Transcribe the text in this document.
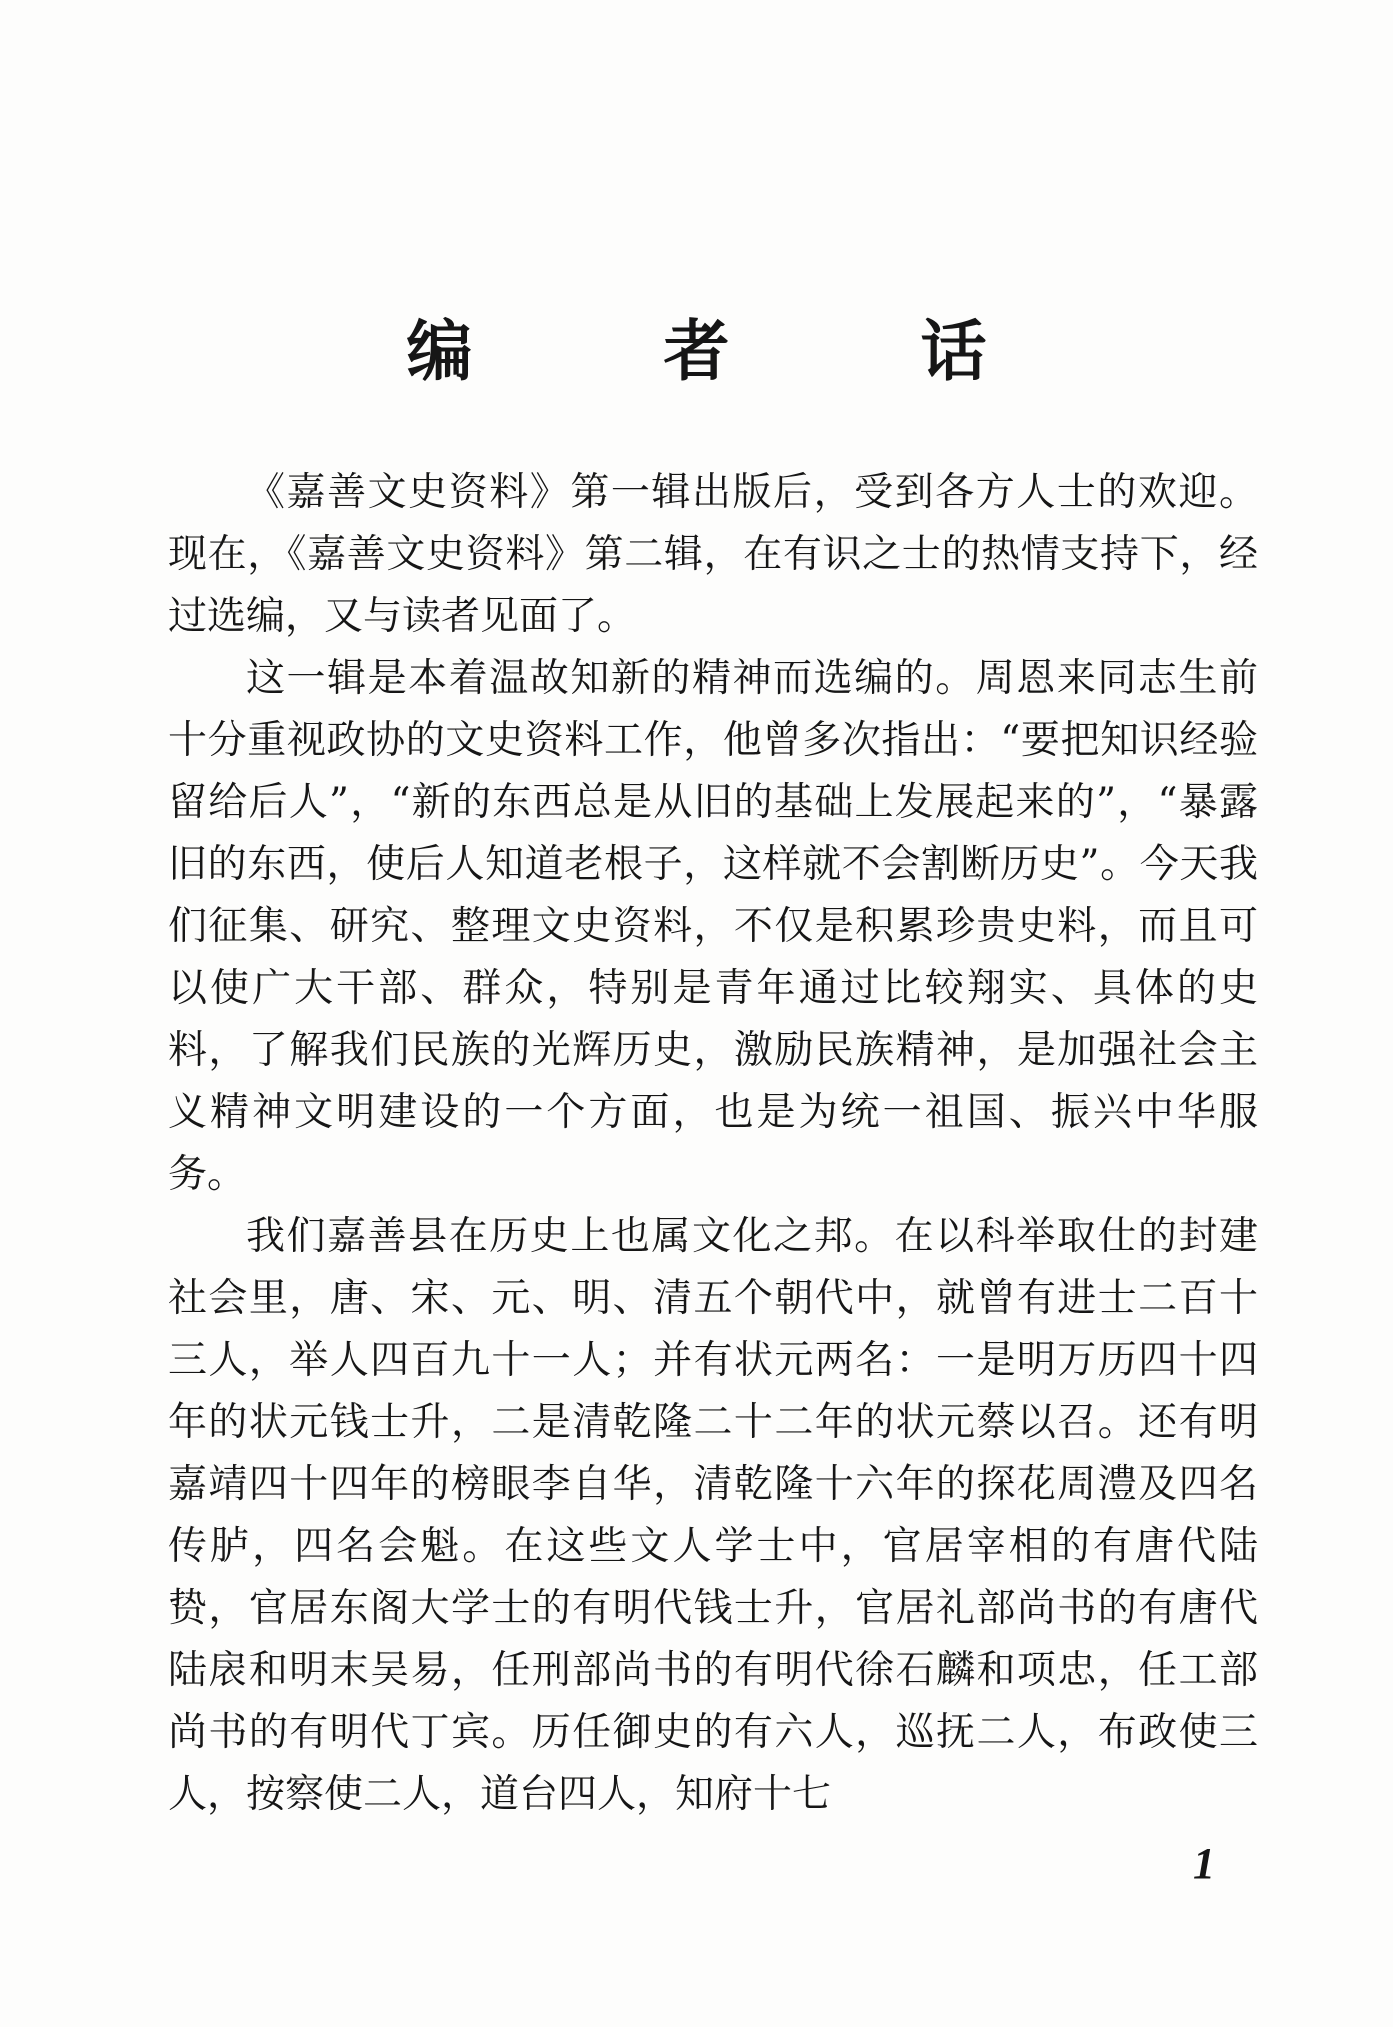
编 者 话

《嘉善文史资料》第一辑出版后，受到各方人士的欢迎。现在，《嘉善文史资料》第二辑，在有识之士的热情支持下，经过选编，又与读者见面了。

这一辑是本着温故知新的精神而选编的。周恩来同志生前十分重视政协的文史资料工作，他曾多次指出：“要把知识经验留给后人”，“新的东西总是从旧的基础上发展起来的”，“暴露旧的东西，使后人知道老根子，这样就不会割断历史”。今天我们征集、研究、整理文史资料，不仅是积累珍贵史料，而且可以使广大干部、群众，特别是青年通过比较翔实、具体的史料，了解我们民族的光辉历史，激励民族精神，是加强社会主义精神文明建设的一个方面，也是为统一祖国、振兴中华服务。

我们嘉善县在历史上也属文化之邦。在以科举取仕的封建社会里，唐、宋、元、明、清五个朝代中，就曾有进士二百十三人，举人四百九十一人；并有状元两名：一是明万历四十四年的状元钱士升，二是清乾隆二十二年的状元蔡以召。还有明嘉靖四十四年的榜眼李自华，清乾隆十六年的探花周澧及四名传胪，四名会魁。在这些文人学士中，官居宰相的有唐代陆贽，官居东阁大学士的有明代钱士升，官居礼部尚书的有唐代陆扆和明末吴易，任刑部尚书的有明代徐石麟和项忠，任工部尚书的有明代丁宾。历任御史的有六人，巡抚二人，布政使三人，按察使二人，道台四人，知府十七

1
